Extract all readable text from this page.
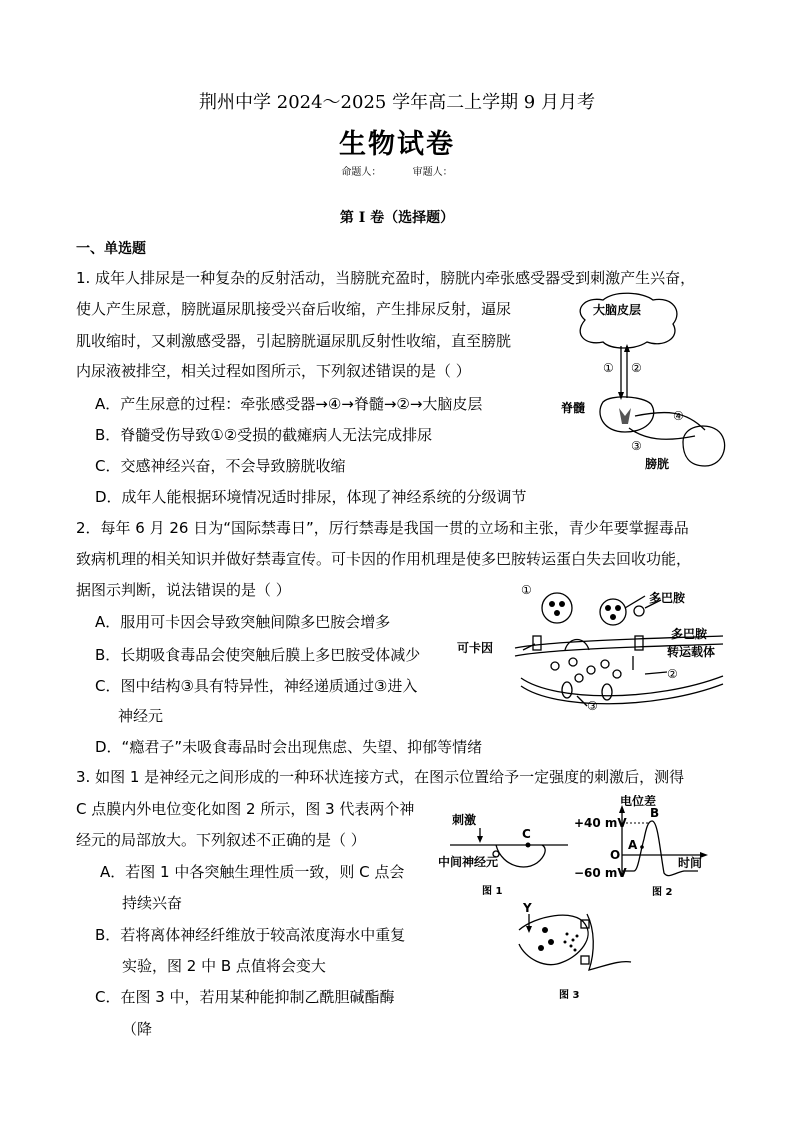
荆州中学 2024～2025 学年高二上学期 9 月月考
生物试卷
命题人：	审题人：
第 I 卷（选择题）
一、单选题
1. 成年人排尿是一种复杂的反射活动，当膀胱充盈时，膀胱内牵张感受器受到刺激产生兴奋，
使人产生尿意，膀胱逼尿肌接受兴奋后收缩，产生排尿反射，逼尿
肌收缩时，又刺激感受器，引起膀胱逼尿肌反射性收缩，直至膀胱
内尿液被排空，相关过程如图所示，下列叙述错误的是（ ）
A．产生尿意的过程：牵张感受器→④→脊髓→②→大脑皮层
B．脊髓受伤导致①②受损的截瘫病人无法完成排尿
C．交感神经兴奋，不会导致膀胱收缩
D．成年人能根据环境情况适时排尿，体现了神经系统的分级调节
大脑皮层
① ②
脊髓
④
③
膀胱
2．每年 6 月 26 日为“国际禁毒日”，厉行禁毒是我国一贯的立场和主张，青少年要掌握毒品
致病机理的相关知识并做好禁毒宣传。可卡因的作用机理是使多巴胺转运蛋白失去回收功能，
据图示判断，说法错误的是（ ）
A．服用可卡因会导致突触间隙多巴胺会增多
B．长期吸食毒品会使突触后膜上多巴胺受体减少
C．图中结构③具有特异性，神经递质通过③进入
神经元
D．“瘾君子”未吸食毒品时会出现焦虑、失望、抑郁等情绪
①
多巴胺
可卡因
多巴胺
转运载体
②
③
3. 如图 1 是神经元之间形成的一种环状连接方式，在图示位置给予一定强度的刺激后，测得
C 点膜内外电位变化如图 2 所示，图 3 代表两个神
经元的局部放大。下列叙述不正确的是（ ）
A．若图 1 中各突触生理性质一致，则 C 点会
持续兴奋
B．若将离体神经纤维放于较高浓度海水中重复
实验，图 2 中 B 点值将会变大
C．在图 3 中，若用某种能抑制乙酰胆碱酯酶
（降
刺激
C
中间神经元
图 1
电位差
+40 mV
O
A
B
时间
−60 mV
图 2
Y
图 3
